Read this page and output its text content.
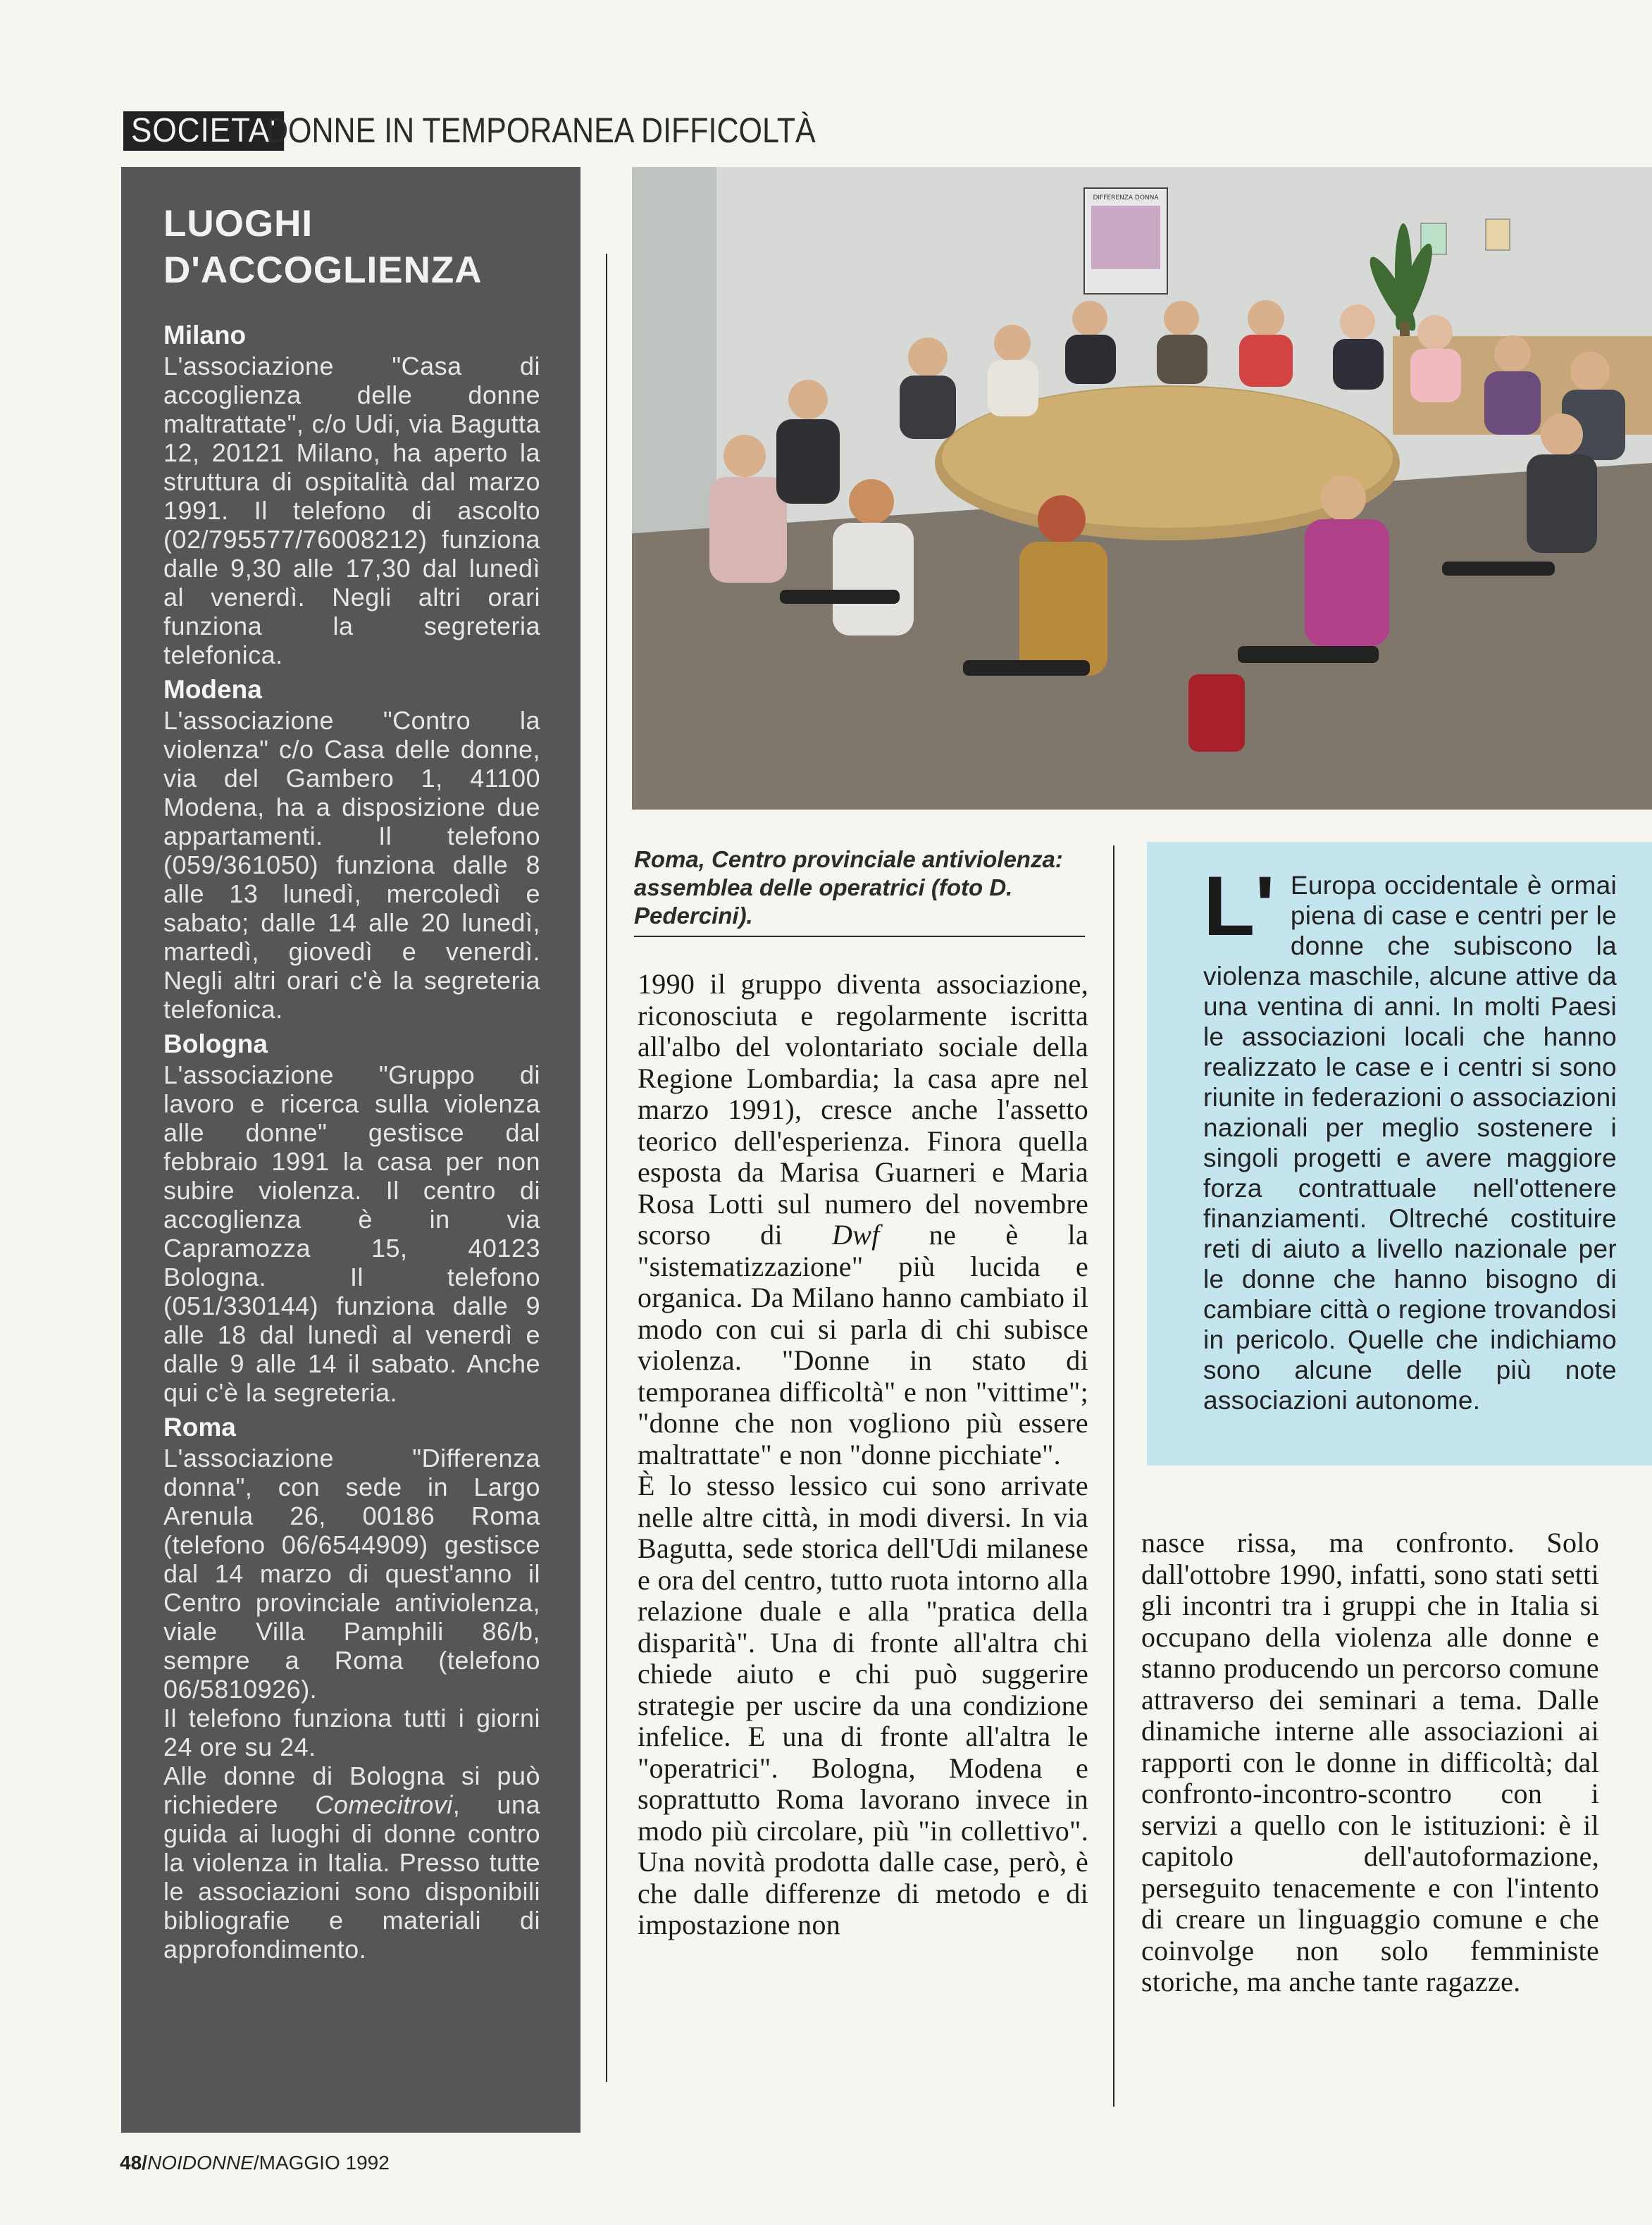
SOCIETA'
DONNE IN TEMPORANEA DIFFICOLTÀ
LUOGHI
D'ACCOGLIENZA

Milano

L'associazione "Casa di accoglienza delle donne maltrattate", c/o Udi, via Bagutta 12, 20121 Milano, ha aperto la struttura di ospitalità dal marzo 1991. Il telefono di ascolto (02/795577/76008212) funziona dalle 9,30 alle 17,30 dal lunedì al venerdì. Negli altri orari funziona la segreteria telefonica.

Modena

L'associazione "Contro la violenza" c/o Casa delle donne, via del Gambero 1, 41100 Modena, ha a disposizione due appartamenti. Il telefono (059/361050) funziona dalle 8 alle 13 lunedì, mercoledì e sabato; dalle 14 alle 20 lunedì, martedì, giovedì e venerdì. Negli altri orari c'è la segreteria telefonica.

Bologna

L'associazione "Gruppo di lavoro e ricerca sulla violenza alle donne" gestisce dal febbraio 1991 la casa per non subire violenza. Il centro di accoglienza è in via Capramozza 15, 40123 Bologna. Il telefono (051/330144) funziona dalle 9 alle 18 dal lunedì al venerdì e dalle 9 alle 14 il sabato. Anche qui c'è la segreteria.

Roma

L'associazione "Differenza donna", con sede in Largo Arenula 26, 00186 Roma (telefono 06/6544909) gestisce dal 14 marzo di quest'anno il Centro provinciale antiviolenza, viale Villa Pamphili 86/b, sempre a Roma (telefono 06/5810926).

Il telefono funziona tutti i giorni 24 ore su 24.

Alle donne di Bologna si può richiedere Comecitrovi, una guida ai luoghi di donne contro la violenza in Italia. Presso tutte le associazioni sono disponibili bibliografie e materiali di approfondimento.

DIFFERENZA DONNA
Roma, Centro provinciale antiviolenza: assemblea delle operatrici (foto D. Pedercini).

1990 il gruppo diventa associazione, riconosciuta e regolarmente iscritta all'albo del volontariato sociale della Regione Lombardia; la casa apre nel marzo 1991), cresce anche l'assetto teorico dell'esperienza. Finora quella esposta da Marisa Guarneri e Maria Rosa Lotti sul numero del novembre scorso di Dwf ne è la "sistematizzazione" più lucida e organica. Da Milano hanno cambiato il modo con cui si parla di chi subisce violenza. "Donne in stato di temporanea difficoltà" e non "vittime"; "donne che non vogliono più essere maltrattate" e non "donne picchiate".

È lo stesso lessico cui sono arrivate nelle altre città, in modi diversi. In via Bagutta, sede storica dell'Udi milanese e ora del centro, tutto ruota intorno alla relazione duale e alla "pratica della disparità". Una di fronte all'altra chi chiede aiuto e chi può suggerire strategie per uscire da una condizione infelice. E una di fronte all'altra le "operatrici". Bologna, Modena e soprattutto Roma lavorano invece in modo più circolare, più "in collettivo". Una novità prodotta dalle case, però, è che dalle differenze di metodo e di impostazione non

L' Europa occidentale è ormai piena di case e centri per le donne che subiscono la violenza maschile, alcune attive da una ventina di anni. In molti Paesi le associazioni locali che hanno realizzato le case e i centri si sono riunite in federazioni o associazioni nazionali per meglio sostenere i singoli progetti e avere maggiore forza contrattuale nell'ottenere finanziamenti. Oltreché costituire reti di aiuto a livello nazionale per le donne che hanno bisogno di cambiare città o regione trovandosi in pericolo. Quelle che indichiamo sono alcune delle più note associazioni autonome.

nasce rissa, ma confronto. Solo dall'ottobre 1990, infatti, sono stati setti gli incontri tra i gruppi che in Italia si occupano della violenza alle donne e stanno producendo un percorso comune attraverso dei seminari a tema. Dalle dinamiche interne alle associazioni ai rapporti con le donne in difficoltà; dal confronto-incontro-scontro con i servizi a quello con le istituzioni: è il capitolo dell'autoformazione, perseguito tenacemente e con l'intento di creare un linguaggio comune e che coinvolge non solo femministe storiche, ma anche tante ragazze.

48/NOIDONNE/MAGGIO 1992
